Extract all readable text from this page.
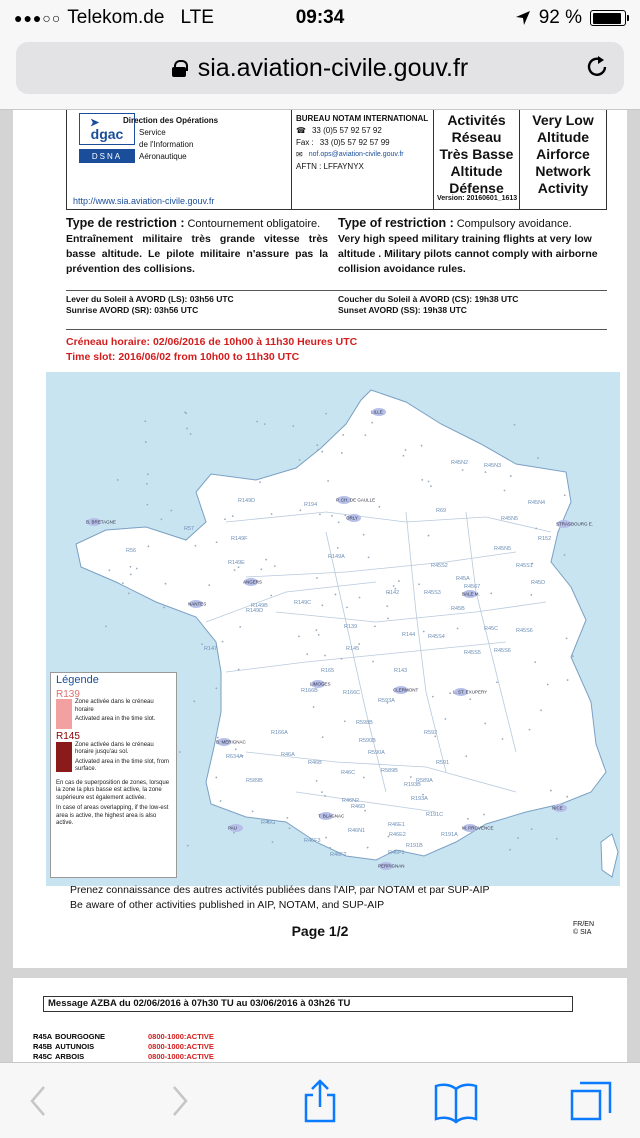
●●●○○ Telekom.de LTE	09:34	92 %
sia.aviation-civile.gouv.fr
➤
dgac
DSNA
Direction des Opérations
Service
de l'Information
Aéronautique
http://www.sia.aviation-civile.gouv.fr
BUREAU NOTAM INTERNATIONAL
☎ 33 (0)5 57 92 57 92
Fax : 33 (0)5 57 92 57 99
✉ nof.ops@aviation-civile.gouv.fr
AFTN : LFFAYNYX
Activités
Réseau
Très Basse
Altitude
Défense
Very Low
Altitude
Airforce
Network
Activity
Version: 20160601_1613
Type de restriction : Contournement obligatoire.
Entraînement militaire très grande vitesse très basse altitude. Le pilote militaire n'assure pas la prévention des collisions.
Type of restriction : Compulsory avoidance.
Very high speed military training flights at very low altitude . Military pilots cannot comply with airborne collision avoidance rules.
Lever du Soleil à AVORD (LS): 03h56 UTC
Sunrise AVORD (SR): 03h56 UTC
Coucher du Soleil à AVORD (CS): 19h38 UTC
Sunset AVORD (SS): 19h38 UTC
Créneau horaire: 02/06/2016 de 10h00 à 11h30 Heures UTC
Time slot: 2016/06/02 from 10h00 to 11h30 UTC
LILLE
P. CH. DE GAULLE
ORLY
STRASBOURG E.
B. BRETAGNE
ANGERS
NANTES
BALE M.
LIMOGES
CLERMONT	L. ST. EXUPERY
B. MERIGNAC
T. BLAGNAC
M. PROVENCE
NICE
PERPIGNAN
PAU
R45N2	R45N3
R45N4
R45N5
R152
R45N5
R45S1
R45D
R149D
R194
R69
R57
R149F
R56
R149E
R149A
R45S2
R45A
R4567
R149B
R142	R45S3
R149C
R45B
R149D
R139
R144 R45S4
R45C	R45S6
R147	R145
R45S5 R45S6
R165	R143
R166B	R166C
R593A
R166A
R598B
R592
R634A	R46A
R46B
R590B
R590A
R591
R589B
R46C	R589B
R193B
R589A
R46N2	R193A
R46D
R46G
R46F3
R46N1
R46E1
R191C
R46E2	R191A
R46F2	R46F1
R191B
Légende
R139
Zone activée dans le créneau horaire
Activated area in the time slot.
R145
Zone activée dans le créneau horaire jusqu'au sol.
Activated area in the time slot, from surface.
En cas de superposition de zones, lorsque la zone la plus basse est active, la zone supérieure est également activée.
In case of areas overlapping, if the low-est area is active, the highest area is also active.
Prenez connaissance des autres activités publiées dans l'AIP, par NOTAM et par SUP-AIP
Be aware of other activities published in AIP, NOTAM, and SUP-AIP
Page 1/2	FR/EN
© SIA
Message AZBA du 02/06/2016 à 07h30 TU au 03/06/2016 à 03h26 TU
R45A BOURGOGNE	0800-1000:ACTIVE
R45B AUTUNOIS	0800-1000:ACTIVE
R45C ARBOIS	0800-1000:ACTIVE
